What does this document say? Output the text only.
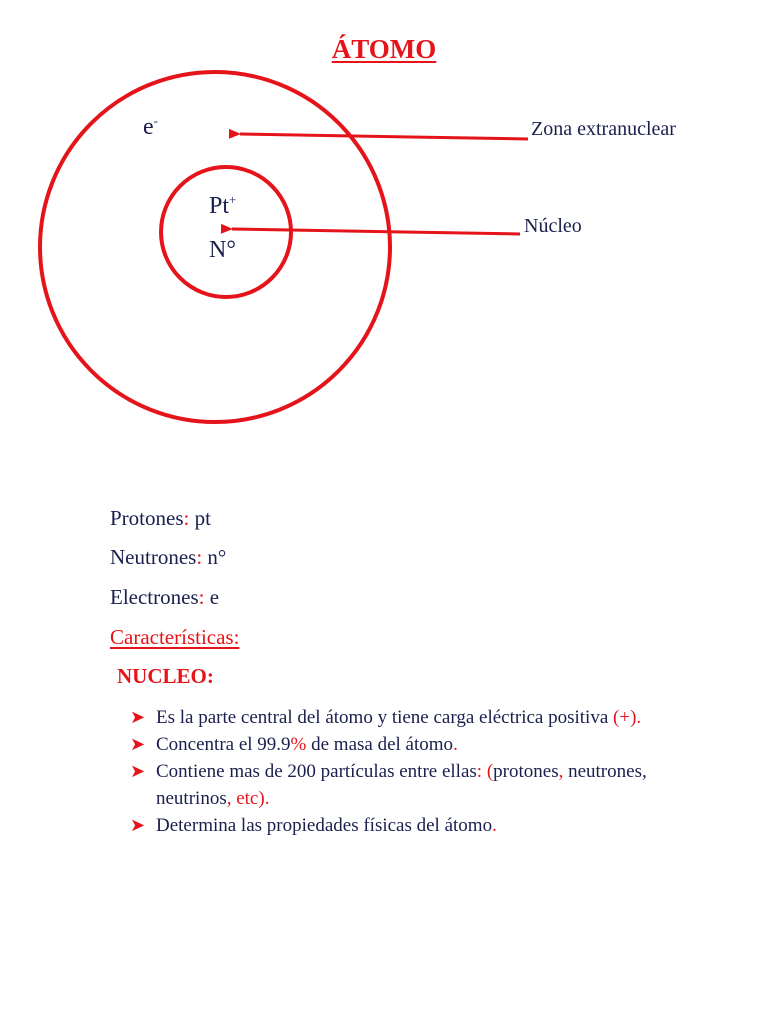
ÁTOMO
e-
Pt+
N°
Zona extranuclear
Núcleo
Protones: pt
Neutrones: n°
Electrones: e
Características:
NUCLEO:
➤ Es la parte central del átomo y tiene carga eléctrica positiva (+).
➤ Concentra el 99.9% de masa del átomo.
➤ Contiene mas de 200 partículas entre ellas: (protones, neutrones, neutrinos, etc).
➤ Determina las propiedades físicas del átomo.
